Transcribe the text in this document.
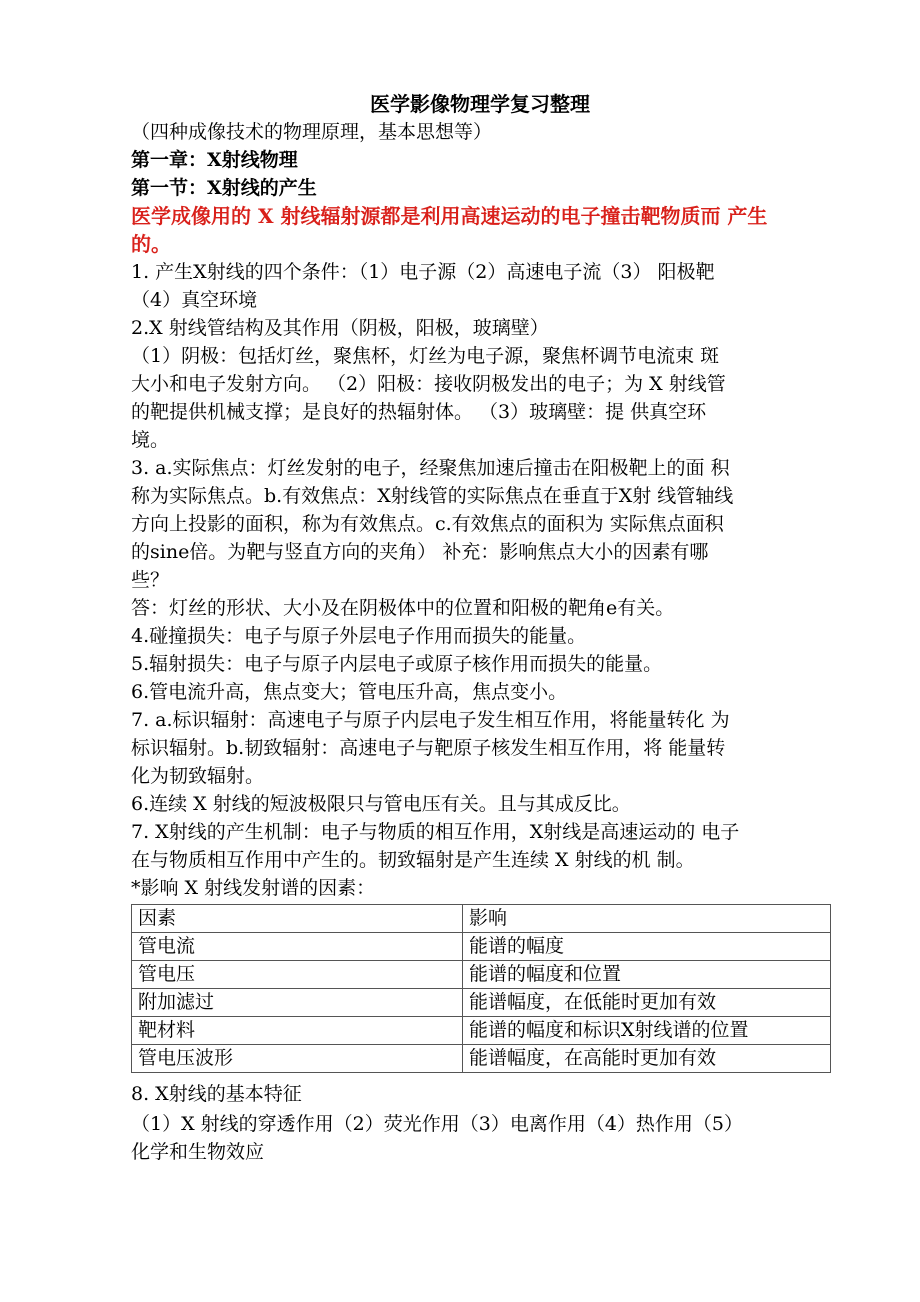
医学影像物理学复习整理
（四种成像技术的物理原理，基本思想等）
第一章：X射线物理
第一节：X射线的产生
医学成像用的 X 射线辐射源都是利用高速运动的电子撞击靶物质而 产生
的。
1. 产生X射线的四个条件：（1）电子源（2）高速电子流（3） 阳极靶
（4）真空环境
2.X 射线管结构及其作用（阴极，阳极，玻璃壁）
（1）阴极：包括灯丝，聚焦杯，灯丝为电子源，聚焦杯调节电流束 斑
大小和电子发射方向。 （2）阳极：接收阴极发出的电子；为 X 射线管
的靶提供机械支撑；是良好的热辐射体。 （3）玻璃壁：提 供真空环
境。
3. a.实际焦点：灯丝发射的电子，经聚焦加速后撞击在阳极靶上的面 积
称为实际焦点。b.有效焦点：X射线管的实际焦点在垂直于X射 线管轴线
方向上投影的面积，称为有效焦点。c.有效焦点的面积为 实际焦点面积
的sine倍。为靶与竖直方向的夹角） 补充：影响焦点大小的因素有哪
些？
答：灯丝的形状、大小及在阴极体中的位置和阳极的靶角e有关。
4.碰撞损失：电子与原子外层电子作用而损失的能量。
5.辐射损失：电子与原子内层电子或原子核作用而损失的能量。
6.管电流升高，焦点变大；管电压升高，焦点变小。
7. a.标识辐射：高速电子与原子内层电子发生相互作用，将能量转化 为
标识辐射。b.韧致辐射：高速电子与靶原子核发生相互作用，将 能量转
化为韧致辐射。
6.连续 X 射线的短波极限只与管电压有关。且与其成反比。
7. X射线的产生机制：电子与物质的相互作用，X射线是高速运动的 电子
在与物质相互作用中产生的。韧致辐射是产生连续 X 射线的机 制。
*影响 X 射线发射谱的因素：
因素	影响
管电流	能谱的幅度
管电压	能谱的幅度和位置
附加滤过	能谱幅度，在低能时更加有效
靶材料	能谱的幅度和标识X射线谱的位置
管电压波形	能谱幅度，在高能时更加有效
8. X射线的基本特征
（1）X 射线的穿透作用（2）荧光作用（3）电离作用（4）热作用（5）
化学和生物效应
